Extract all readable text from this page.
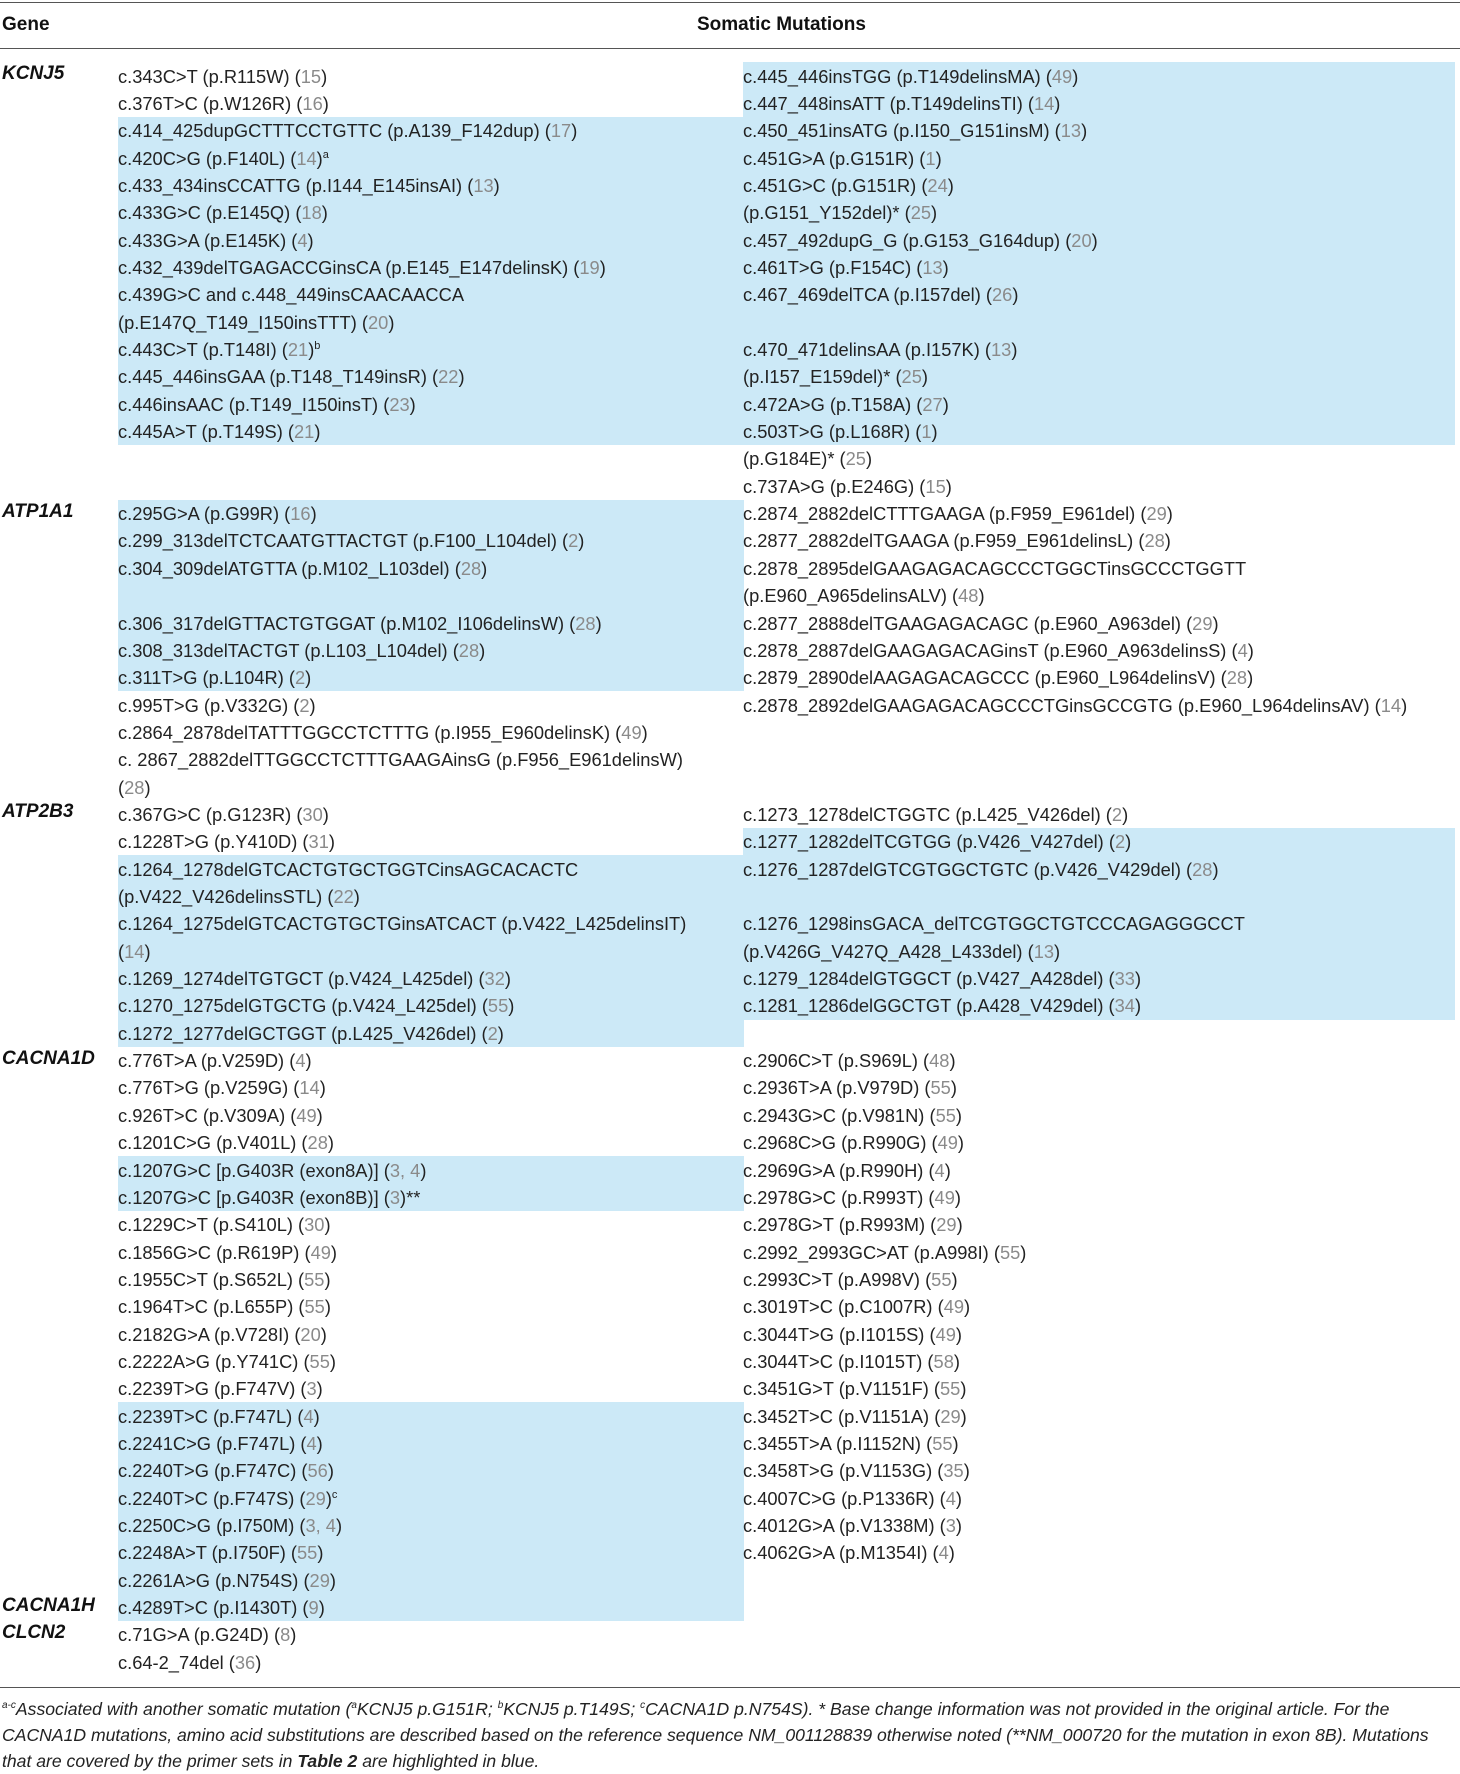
Gene	Somatic Mutations
KCNJ5
ATP1A1
ATP2B3
CACNA1D
CACNA1H
CLCN2
c.343C>T (p.R115W) (15)
c.376T>C (p.W126R) (16)
c.414_425dupGCTTTCCTGTTC (p.A139_F142dup) (17)
c.420C>G (p.F140L) $(14)^a$
c.433_434insCCATTG (p.I144_E145insAI) (13)
c.433G>C (p.E145Q) (18)
c.433G>A (p.E145K) (4)
c.432_439delTGAGACCGinsCA (p.E145_E147delinsK) (19)
c.439G>C and c.448_449insCAACAACCA
(p.E147Q_T149_I150insTTT) (20)
c.443C>T (p.T148I) $(21)^b$
c.445_446insGAA (p.T148_T149insR) (22)
c.446insAAC (p.T149_I150insT) (23)
c.445A>T (p.T149S) (21)
c.295G>A (p.G99R) (16)
c.299_313delTCTCAATGTTACTGT (p.F100_L104del) (2)
c.304_309delATGTTA (p.M102_L103del) (28)
c.306_317delGTTACTGTGGAT (p.M102_I106delinsW) (28)
c.308_313delTACTGT (p.L103_L104del) (28)
c.311T>G (p.L104R) (2)
c.995T>G (p.V332G) (2)
c.2864_2878delTATTTGGCCTCTTTG (p.I955_E960delinsK) (49)
c. 2867_2882delTTGGCCTCTTTGAAGAinsG (p.F956_E961delinsW)
(28)
c.367G>C (p.G123R) (30)
c.1228T>G (p.Y410D) (31)
c.1264_1278delGTCACTGTGCTGGTCinsAGCACACTC
(p.V422_V426delinsSTL) (22)
c.1264_1275delGTCACTGTGCTGinsATCACT (p.V422_L425delinsIT)
(14)
c.1269_1274delTGTGCT (p.V424_L425del) (32)
c.1270_1275delGTGCTG (p.V424_L425del) (55)
c.1272_1277delGCTGGT (p.L425_V426del) (2)
c.776T>A (p.V259D) (4)
c.776T>G (p.V259G) (14)
c.926T>C (p.V309A) (49)
c.1201C>G (p.V401L) (28)
c.1207G>C [p.G403R (exon8A)] (3, 4)
c.1207G>C [p.G403R (exon8B)] (3)**
c.1229C>T (p.S410L) (30)
c.1856G>C (p.R619P) (49)
c.1955C>T (p.S652L) (55)
c.1964T>C (p.L655P) (55)
c.2182G>A (p.V728I) (20)
c.2222A>G (p.Y741C) (55)
c.2239T>G (p.F747V) (3)
c.2239T>C (p.F747L) (4)
c.2241C>G (p.F747L) (4)
c.2240T>G (p.F747C) (56)
c.2240T>C (p.F747S) $(29)^c$
c.2250C>G (p.I750M) (3, 4)
c.2248A>T (p.I750F) (55)
c.2261A>G (p.N754S) (29)
c.4289T>C (p.I1430T) (9)
c.71G>A (p.G24D) (8)
c.64-2_74del (36)
c.445_446insTGG (p.T149delinsMA) (49)
c.447_448insATT (p.T149delinsTI) (14)
c.450_451insATG (p.I150_G151insM) (13)
c.451G>A (p.G151R) (1)
c.451G>C (p.G151R) (24)
(p.G151_Y152del)* (25)
c.457_492dupG_G (p.G153_G164dup) (20)
c.461T>G (p.F154C) (13)
c.467_469delTCA (p.I157del) (26)
c.470_471delinsAA (p.I157K) (13)
(p.I157_E159del)* (25)
c.472A>G (p.T158A) (27)
c.503T>G (p.L168R) (1)
(p.G184E)* (25)
c.737A>G (p.E246G) (15)
c.2874_2882delCTTTGAAGA (p.F959_E961del) (29)
c.2877_2882delTGAAGA (p.F959_E961delinsL) (28)
c.2878_2895delGAAGAGACAGCCCTGGCTinsGCCCTGGTT
(p.E960_A965delinsALV) (48)
c.2877_2888delTGAAGAGACAGC (p.E960_A963del) (29)
c.2878_2887delGAAGAGACAGinsT (p.E960_A963delinsS) (4)
c.2879_2890delAAGAGACAGCCC (p.E960_L964delinsV) (28)
c.2878_2892delGAAGAGACAGCCCTGinsGCCGTG (p.E960_L964delinsAV) (14)
c.1273_1278delCTGGTC (p.L425_V426del) (2)
c.1277_1282delTCGTGG (p.V426_V427del) (2)
c.1276_1287delGTCGTGGCTGTC (p.V426_V429del) (28)
c.1276_1298insGACA_delTCGTGGCTGTCCCAGAGGGCCT
(p.V426G_V427Q_A428_L433del) (13)
c.1279_1284delGTGGCT (p.V427_A428del) (33)
c.1281_1286delGGCTGT (p.A428_V429del) (34)
c.2906C>T (p.S969L) (48)
c.2936T>A (p.V979D) (55)
c.2943G>C (p.V981N) (55)
c.2968C>G (p.R990G) (49)
c.2969G>A (p.R990H) (4)
c.2978G>C (p.R993T) (49)
c.2978G>T (p.R993M) (29)
c.2992_2993GC>AT (p.A998I) (55)
c.2993C>T (p.A998V) (55)
c.3019T>C (p.C1007R) (49)
c.3044T>G (p.I1015S) (49)
c.3044T>C (p.I1015T) (58)
c.3451G>T (p.V1151F) (55)
c.3452T>C (p.V1151A) (29)
c.3455T>A (p.I1152N) (55)
c.3458T>G (p.V1153G) (35)
c.4007C>G (p.P1336R) (4)
c.4012G>A (p.V1338M) (3)
c.4062G>A (p.M1354I) (4)
$^{a-c}$Associated with another somatic mutation ($^a$KCNJ5 p.G151R; $^b$KCNJ5 p.T149S; $^c$CACNA1D p.N754S). * Base change information was not provided in the original article. For the CACNA1D mutations, amino acid substitutions are described based on the reference sequence NM_001128839 otherwise noted (**NM_000720 for the mutation in exon 8B). Mutations that are covered by the primer sets in Table 2 are highlighted in blue.
